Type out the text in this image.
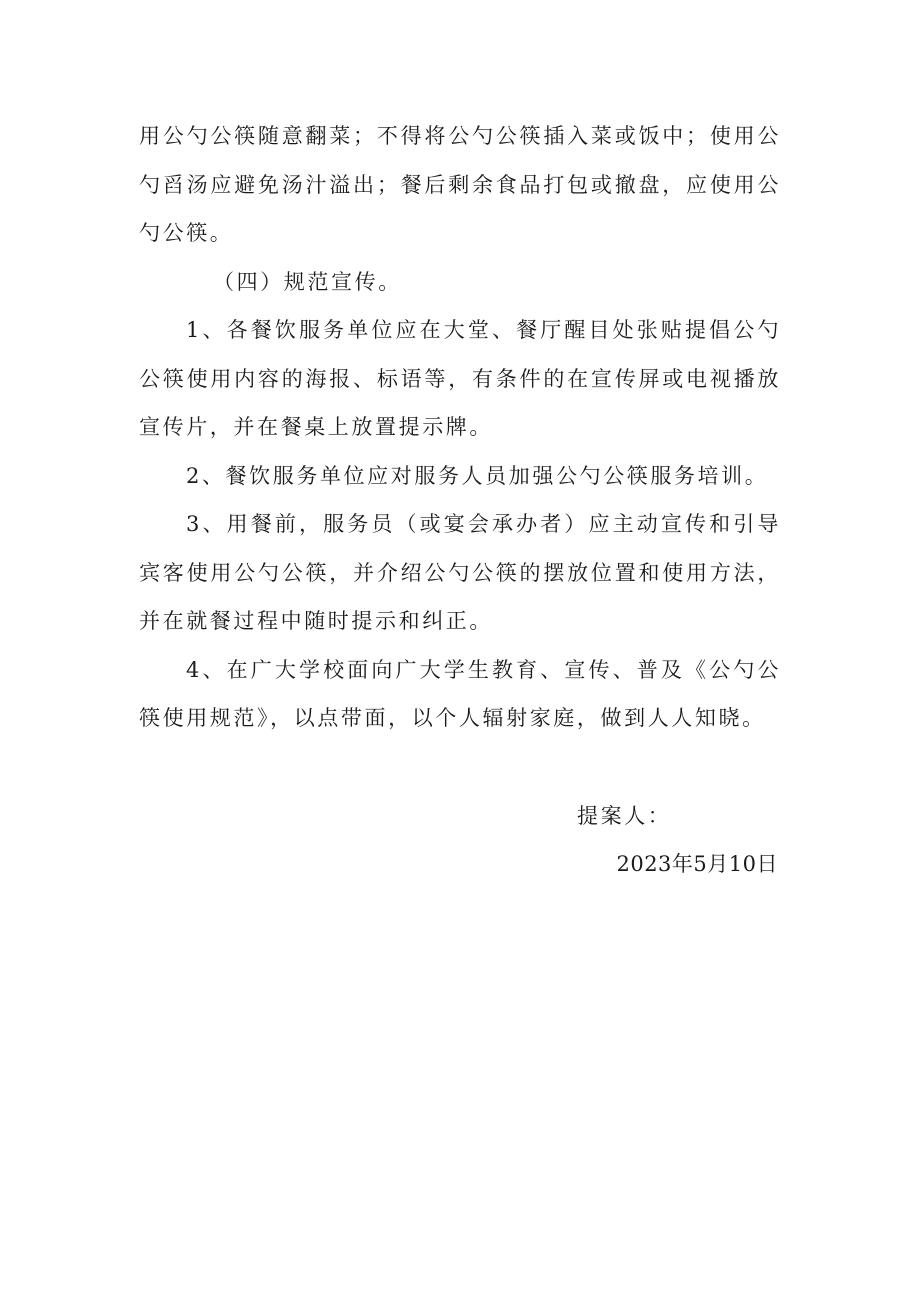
用公勺公筷随意翻菜；不得将公勺公筷插入菜或饭中；使用公勺舀汤应避免汤汁溢出；餐后剩余食品打包或撤盘，应使用公勺公筷。

（四）规范宣传。

1、各餐饮服务单位应在大堂、餐厅醒目处张贴提倡公勺公筷使用内容的海报、标语等，有条件的在宣传屏或电视播放宣传片，并在餐桌上放置提示牌。

2、餐饮服务单位应对服务人员加强公勺公筷服务培训。

3、用餐前，服务员（或宴会承办者）应主动宣传和引导宾客使用公勺公筷，并介绍公勺公筷的摆放位置和使用方法，并在就餐过程中随时提示和纠正。

4、在广大学校面向广大学生教育、宣传、普及《公勺公筷使用规范》，以点带面，以个人辐射家庭，做到人人知晓。

提案人：
2023年5月10日
